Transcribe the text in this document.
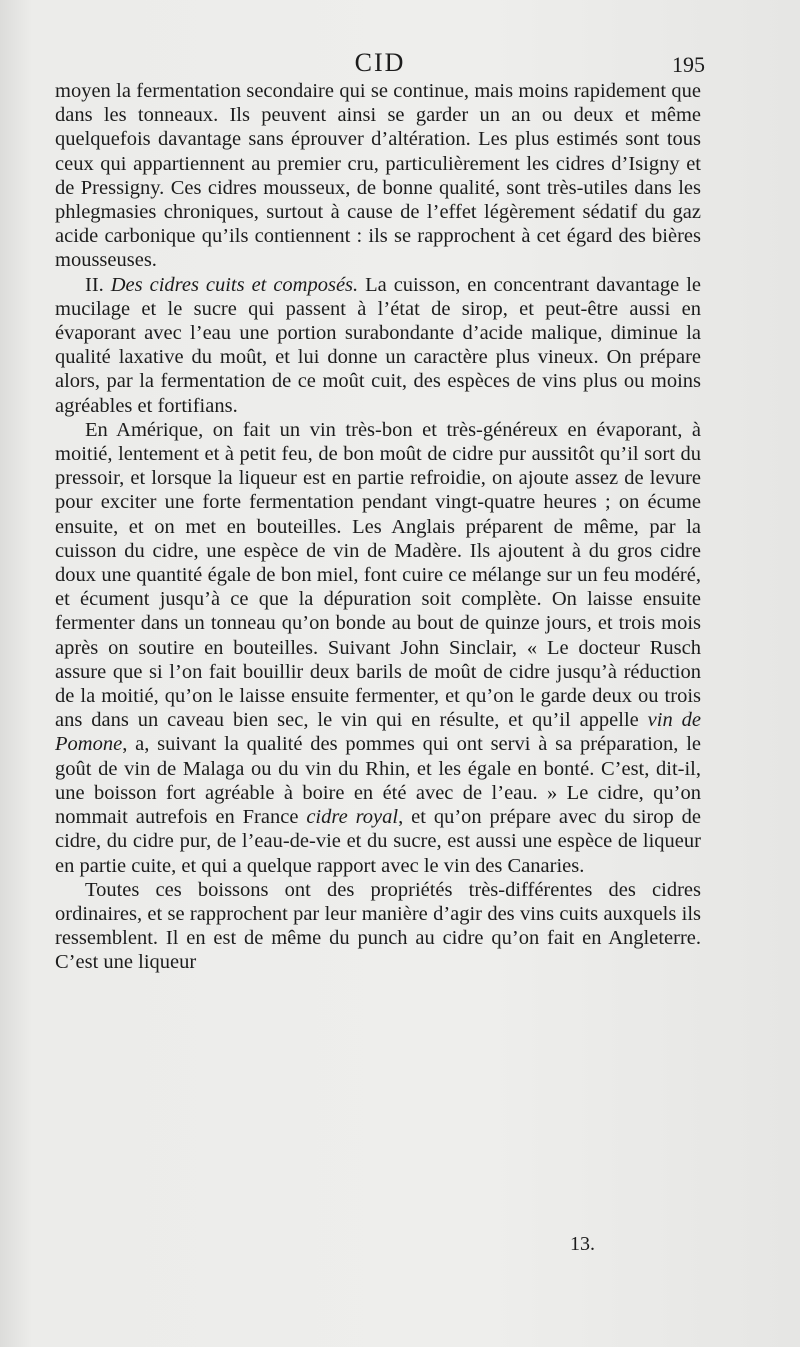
CID	195

moyen la fermentation secondaire qui se continue, mais moins rapidement que dans les tonneaux. Ils peuvent ainsi se garder un an ou deux et même quelquefois davantage sans éprouver d’altération. Les plus estimés sont tous ceux qui appartiennent au premier cru, particulièrement les cidres d’Isigny et de Pressigny. Ces cidres mousseux, de bonne qualité, sont très-utiles dans les phlegmasies chroniques, surtout à cause de l’effet légèrement sédatif du gaz acide carbonique qu’ils contiennent : ils se rapprochent à cet égard des bières mousseuses.

II. Des cidres cuits et composés. La cuisson, en concentrant davantage le mucilage et le sucre qui passent à l’état de sirop, et peut-être aussi en évaporant avec l’eau une portion surabondante d’acide malique, diminue la qualité laxative du moût, et lui donne un caractère plus vineux. On prépare alors, par la fermentation de ce moût cuit, des espèces de vins plus ou moins agréables et fortifians.

En Amérique, on fait un vin très-bon et très-généreux en évaporant, à moitié, lentement et à petit feu, de bon moût de cidre pur aussitôt qu’il sort du pressoir, et lorsque la liqueur est en partie refroidie, on ajoute assez de levure pour exciter une forte fermentation pendant vingt-quatre heures ; on écume ensuite, et on met en bouteilles. Les Anglais préparent de même, par la cuisson du cidre, une espèce de vin de Madère. Ils ajoutent à du gros cidre doux une quantité égale de bon miel, font cuire ce mélange sur un feu modéré, et écument jusqu’à ce que la dépuration soit complète. On laisse ensuite fermenter dans un tonneau qu’on bonde au bout de quinze jours, et trois mois après on soutire en bouteilles. Suivant John Sinclair, « Le docteur Rusch assure que si l’on fait bouillir deux barils de moût de cidre jusqu’à réduction de la moitié, qu’on le laisse ensuite fermenter, et qu’on le garde deux ou trois ans dans un caveau bien sec, le vin qui en résulte, et qu’il appelle vin de Pomone, a, suivant la qualité des pommes qui ont servi à sa préparation, le goût de vin de Malaga ou du vin du Rhin, et les égale en bonté. C’est, dit-il, une boisson fort agréable à boire en été avec de l’eau. » Le cidre, qu’on nommait autrefois en France cidre royal, et qu’on prépare avec du sirop de cidre, du cidre pur, de l’eau-de-vie et du sucre, est aussi une espèce de liqueur en partie cuite, et qui a quelque rapport avec le vin des Canaries.

Toutes ces boissons ont des propriétés très-différentes des cidres ordinaires, et se rapprochent par leur manière d’agir des vins cuits auxquels ils ressemblent. Il en est de même du punch au cidre qu’on fait en Angleterre. C’est une liqueur

13.
